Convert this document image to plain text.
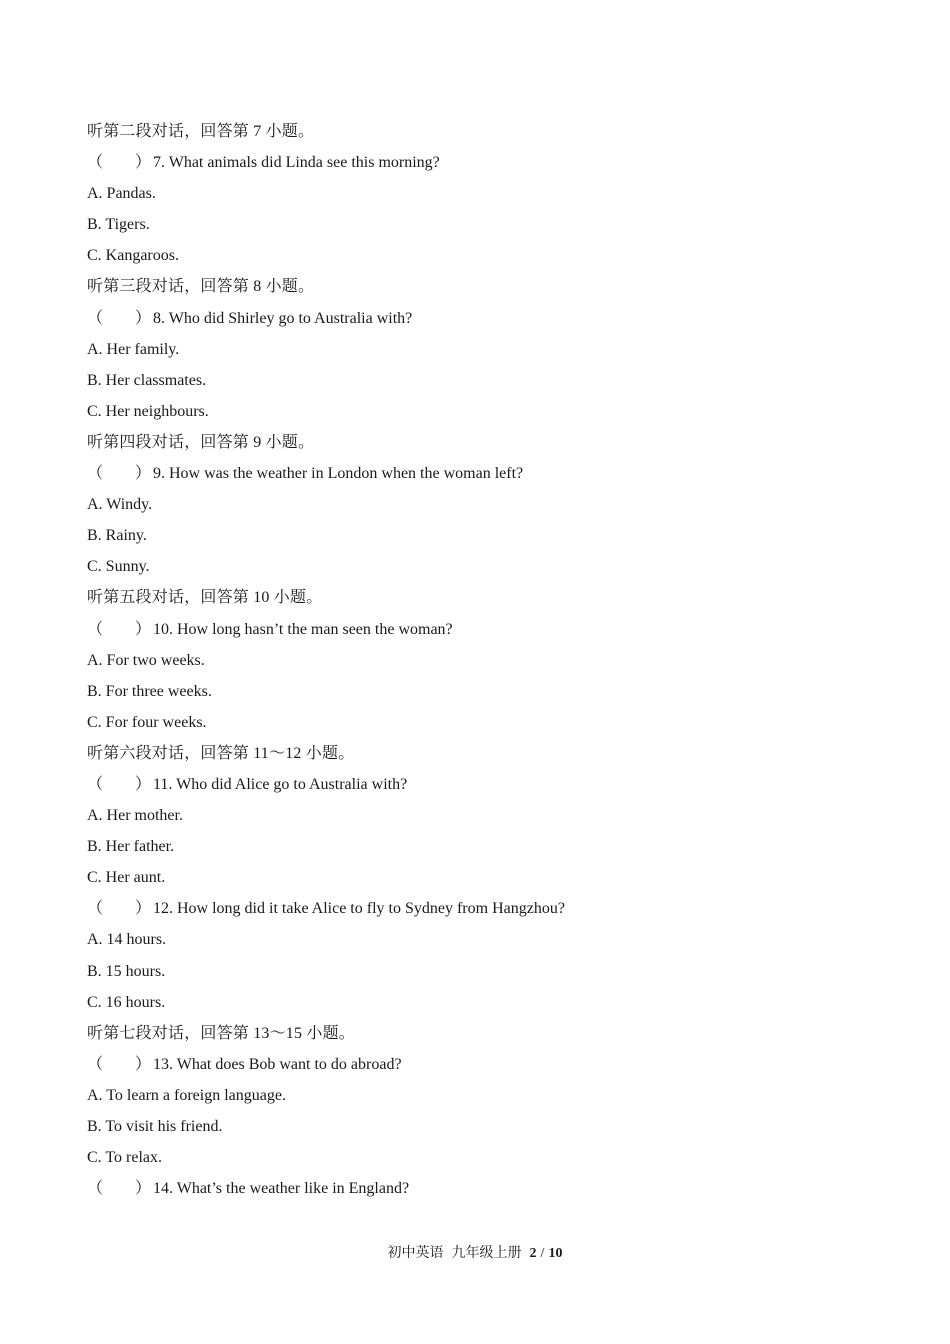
听第二段对话，回答第 7 小题。
（　　） 7. What animals did Linda see this morning?
A. Pandas.
B. Tigers.
C. Kangaroos.
听第三段对话，回答第 8 小题。
（　　） 8. Who did Shirley go to Australia with?
A. Her family.
B. Her classmates.
C. Her neighbours.
听第四段对话，回答第 9 小题。
（　　） 9. How was the weather in London when the woman left?
A. Windy.
B. Rainy.
C. Sunny.
听第五段对话，回答第 10 小题。
（　　） 10. How long hasn’t the man seen the woman?
A. For two weeks.
B. For three weeks.
C. For four weeks.
听第六段对话，回答第 11～12 小题。
（　　） 11. Who did Alice go to Australia with?
A. Her mother.
B. Her father.
C. Her aunt.
（　　） 12. How long did it take Alice to fly to Sydney from Hangzhou?
A. 14 hours.
B. 15 hours.
C. 16 hours.
听第七段对话，回答第 13～15 小题。
（　　） 13. What does Bob want to do abroad?
A. To learn a foreign language.
B. To visit his friend.
C. To relax.
（　　） 14. What’s the weather like in England?
初中英语 九年级上册 2 / 10
